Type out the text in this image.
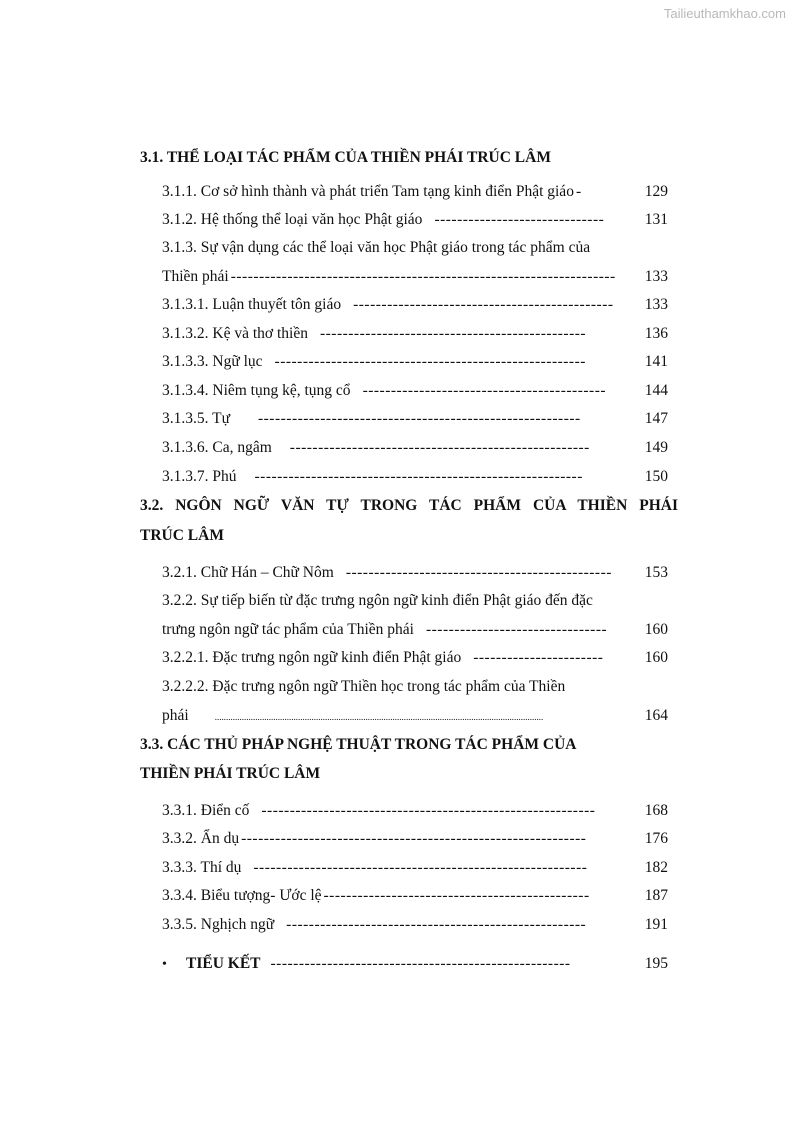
Tailieuthamkhao.com
3.1. THỂ LOẠI TÁC PHẨM CỦA THIỀN PHÁI TRÚC LÂM
3.1.1. Cơ sở hình thành và phát triển Tam tạng kinh điển Phật giáo -	129
3.1.2. Hệ thống thể loại văn học Phật giáo ------------------------------	131
3.1.3. Sự vận dụng các thể loại văn học Phật giáo trong tác phẩm của
Thiền phái --------------------------------------------------------------------	133
3.1.3.1. Luận thuyết tôn giáo ----------------------------------------------	133
3.1.3.2. Kệ và thơ thiền -----------------------------------------------	136
3.1.3.3. Ngữ lục -------------------------------------------------------	141
3.1.3.4. Niêm tụng kệ, tụng cổ -------------------------------------------	144
3.1.3.5. Tự ---------------------------------------------------------	147
3.1.3.6. Ca, ngâm -----------------------------------------------------	149
3.1.3.7. Phú ----------------------------------------------------------	150
3.2. NGÔN NGỮ VĂN TỰ TRONG TÁC PHẨM CỦA THIỀN PHÁI
TRÚC LÂM
3.2.1. Chữ Hán – Chữ Nôm -----------------------------------------------	153
3.2.2. Sự tiếp biến từ đặc trưng ngôn ngữ kinh điển Phật giáo đến đặc
trưng ngôn ngữ tác phẩm của Thiền phái --------------------------------	160
3.2.2.1. Đặc trưng ngôn ngữ kinh điển Phật giáo -----------------------	160
3.2.2.2. Đặc trưng ngôn ngữ Thiền học trong tác phẩm của Thiền
phái	..................................................................................................................................................	164
3.3. CÁC THỦ PHÁP NGHỆ THUẬT TRONG TÁC PHẨM CỦA
THIỀN PHÁI TRÚC LÂM
3.3.1. Điển cố -----------------------------------------------------------	168
3.3.2. Ẩn dụ -------------------------------------------------------------	176
3.3.3. Thí dụ -----------------------------------------------------------	182
3.3.4. Biểu tượng- Ước lệ -----------------------------------------------	187
3.3.5. Nghịch ngữ -----------------------------------------------------	191
•	TIỂU KẾT -----------------------------------------------------	195
